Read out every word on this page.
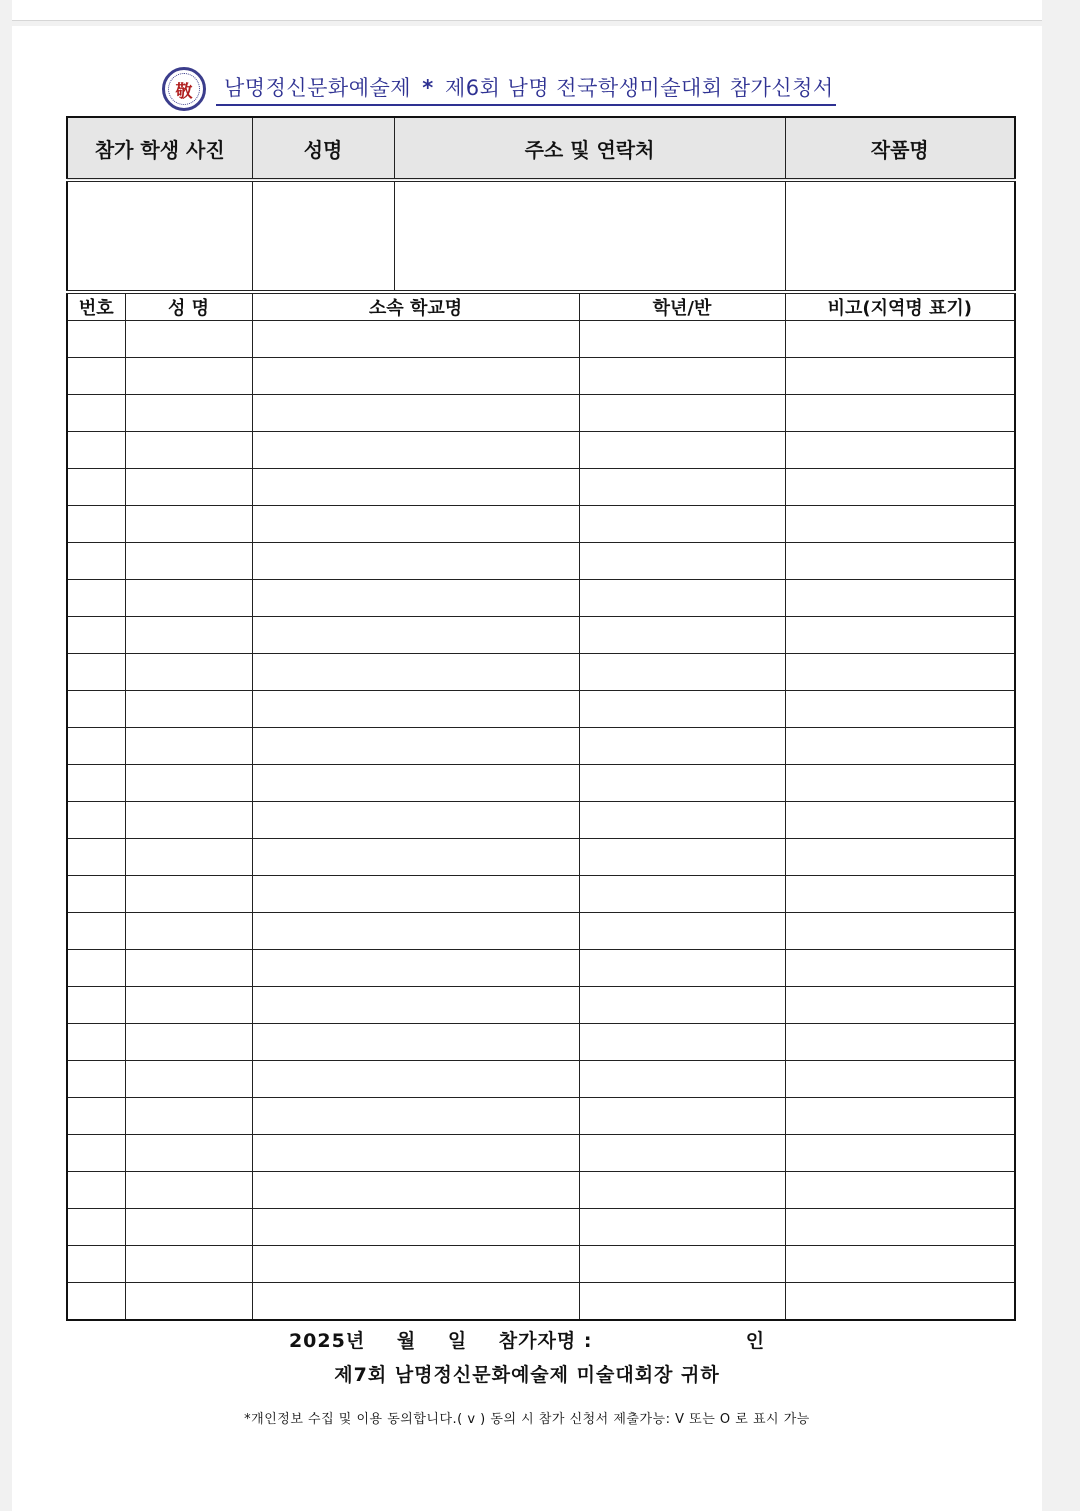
敬	남명정신문화예술제 * 제6회 남명 전국학생미술대회 참가신청서
참가 학생 사진		성명	주소 및 연락처		작품명

번호	성 명	소속 학교명		학년/반	비고(지역명 표기)

2025년 월 일 참가자명 :	인
제7회 남명정신문화예술제 미술대회장 귀하
*개인정보 수집 및 이용 동의합니다.( v ) 동의 시 참가 신청서 제출가능: V 또는 O 로 표시 가능
